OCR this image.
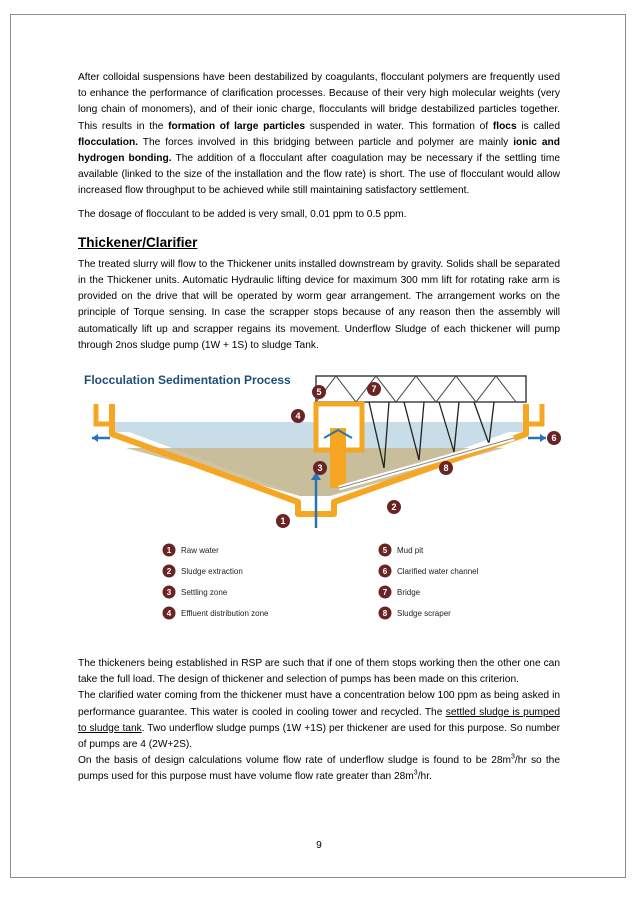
After colloidal suspensions have been destabilized by coagulants, flocculant polymers are frequently used to enhance the performance of clarification processes. Because of their very high molecular weights (very long chain of monomers), and of their ionic charge, flocculants will bridge destabilized particles together. This results in the formation of large particles suspended in water. This formation of flocs is called flocculation. The forces involved in this bridging between particle and polymer are mainly ionic and hydrogen bonding. The addition of a flocculant after coagulation may be necessary if the settling time available (linked to the size of the installation and the flow rate) is short. The use of flocculant would allow increased flow throughput to be achieved while still maintaining satisfactory settlement.

The dosage of flocculant to be added is very small, 0.01 ppm to 0.5 ppm.

Thickener/Clarifier

The treated slurry will flow to the Thickener units installed downstream by gravity. Solids shall be separated in the Thickener units. Automatic Hydraulic lifting device for maximum 300 mm lift for rotating rake arm is provided on the drive that will be operated by worm gear arrangement. The arrangement works on the principle of Torque sensing. In case the scrapper stops because of any reason then the assembly will automatically lift up and scrapper regains its movement. Underflow Sludge of each thickener will pump through 2nos sludge pump (1W + 1S) to sludge Tank.

Flocculation Sedimentation Process
1
2
3
4
5
6
7
8
1
2
3
4
5
6
7
8
Raw water
Sludge extraction
Settling zone
Effluent distribution zone
Mud pit
Clarified water channel
Bridge
Sludge scraper

The thickeners being established in RSP are such that if one of them stops working then the other one can take the full load. The design of thickener and selection of pumps has been made on this criterion.

The clarified water coming from the thickener must have a concentration below 100 ppm as being asked in performance guarantee. This water is cooled in cooling tower and recycled. The settled sludge is pumped to sludge tank. Two underflow sludge pumps (1W +1S) per thickener are used for this purpose. So number of pumps are 4 (2W+2S).

On the basis of design calculations volume flow rate of underflow sludge is found to be $28m^3/hr$ so the pumps used for this purpose must have volume flow rate greater than $28m^3/hr$.

9
